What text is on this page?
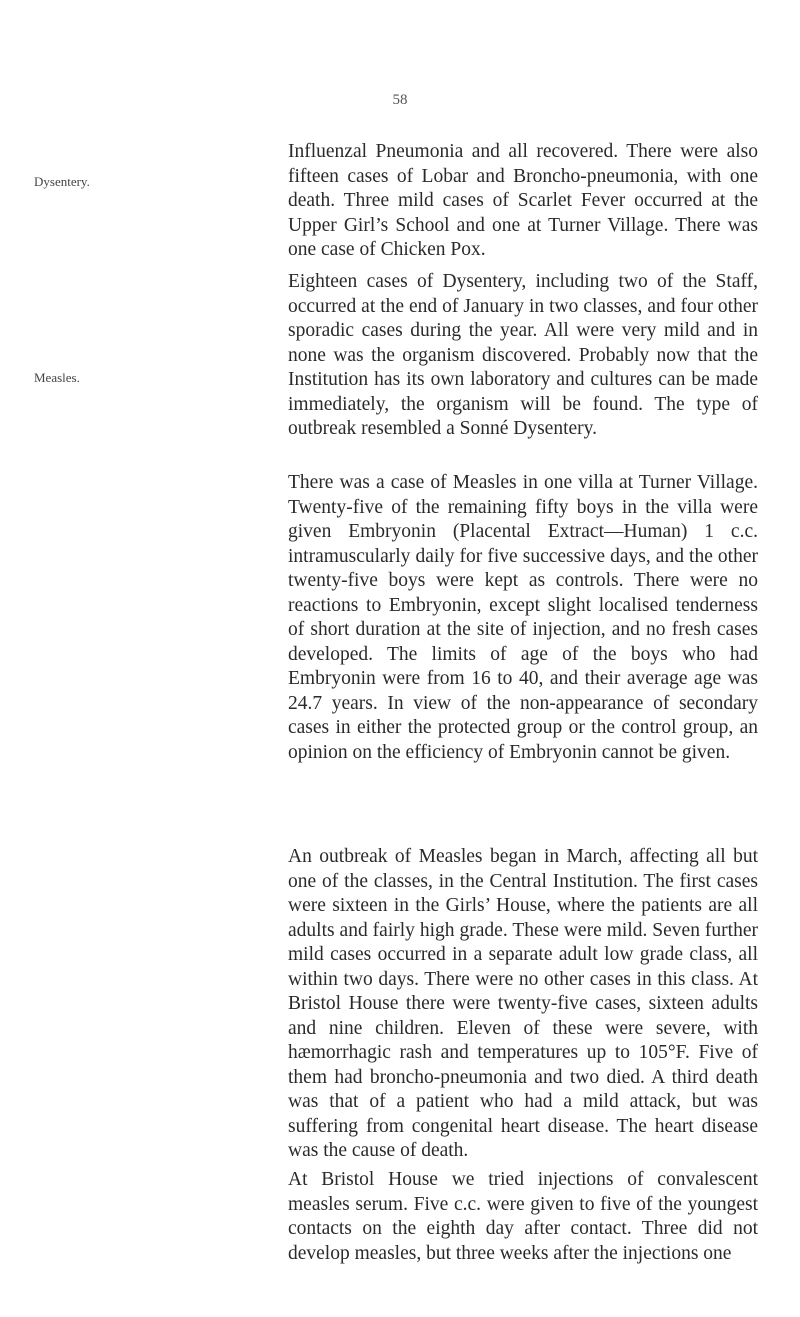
58
Dysentery.
Measles.

Influenzal Pneumonia and all recovered. There were also fifteen cases of Lobar and Broncho-pneumonia, with one death. Three mild cases of Scarlet Fever occurred at the Upper Girl’s School and one at Turner Village. There was one case of Chicken Pox.

Eighteen cases of Dysentery, including two of the Staff, occurred at the end of January in two classes, and four other sporadic cases during the year. All were very mild and in none was the organism discovered. Probably now that the Institution has its own laboratory and cultures can be made immediately, the organism will be found. The type of outbreak resembled a Sonné Dysentery.

There was a case of Measles in one villa at Turner Village. Twenty-five of the remaining fifty boys in the villa were given Embryonin (Placental Extract—Human) 1 c.c. intramuscularly daily for five successive days, and the other twenty-five boys were kept as controls. There were no reactions to Embryonin, except slight localised tenderness of short duration at the site of injection, and no fresh cases developed. The limits of age of the boys who had Embryonin were from 16 to 40, and their average age was 24.7 years. In view of the non-appearance of secondary cases in either the protected group or the control group, an opinion on the efficiency of Embryonin cannot be given.

An outbreak of Measles began in March, affecting all but one of the classes, in the Central Institution. The first cases were sixteen in the Girls’ House, where the patients are all adults and fairly high grade. These were mild. Seven further mild cases occurred in a separate adult low grade class, all within two days. There were no other cases in this class. At Bristol House there were twenty-five cases, sixteen adults and nine children. Eleven of these were severe, with hæmorrhagic rash and temperatures up to 105°F. Five of them had broncho-pneumonia and two died. A third death was that of a patient who had a mild attack, but was suffering from congenital heart disease. The heart disease was the cause of death.

At Bristol House we tried injections of convalescent measles serum. Five c.c. were given to five of the youngest contacts on the eighth day after contact. Three did not develop measles, but three weeks after the injections one
